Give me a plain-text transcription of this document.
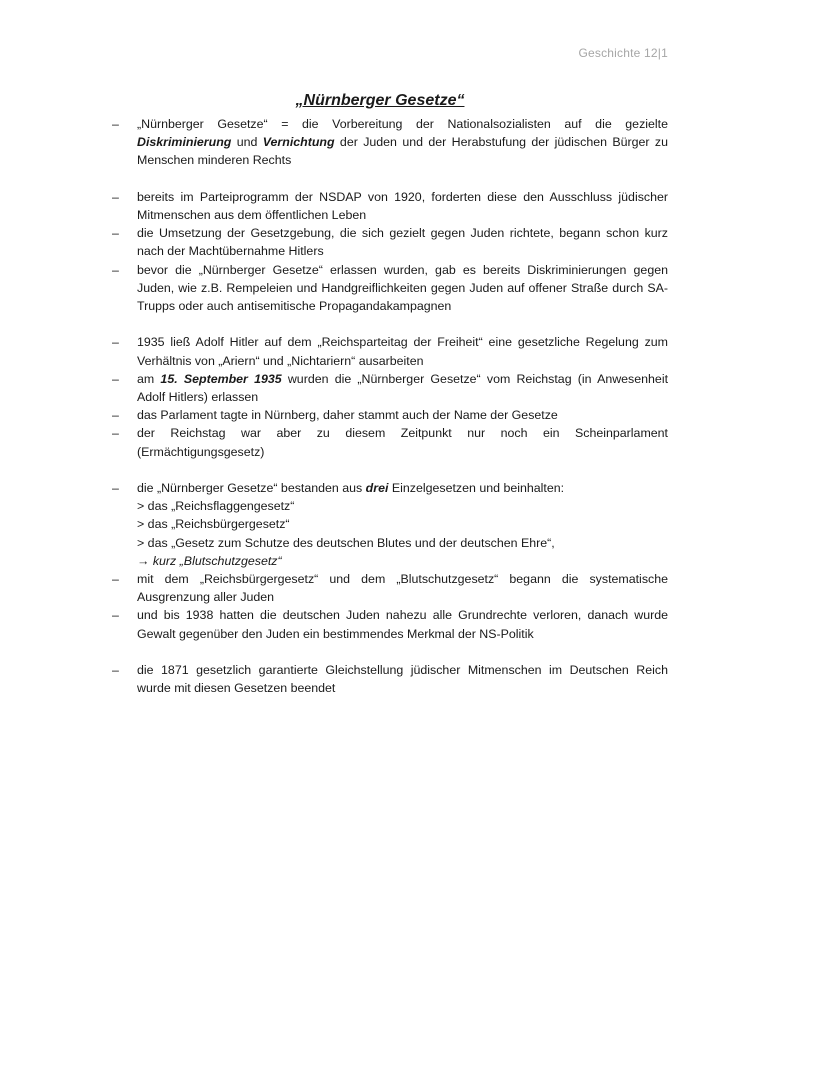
Geschichte 12|1
„Nürnberger Gesetze“

– „Nürnberger Gesetze“ = die Vorbereitung der Nationalsozialisten auf die gezielte Diskriminierung und Vernichtung der Juden und der Herabstufung der jüdischen Bürger zu Menschen minderen Rechts

– bereits im Parteiprogramm der NSDAP von 1920, forderten diese den Ausschluss jüdischer Mitmenschen aus dem öffentlichen Leben

– die Umsetzung der Gesetzgebung, die sich gezielt gegen Juden richtete, begann schon kurz nach der Machtübernahme Hitlers

– bevor die „Nürnberger Gesetze“ erlassen wurden, gab es bereits Diskriminierungen gegen Juden, wie z.B. Rempeleien und Handgreiflichkeiten gegen Juden auf offener Straße durch SA-Trupps oder auch antisemitische Propagandakampagnen

– 1935 ließ Adolf Hitler auf dem „Reichsparteitag der Freiheit“ eine gesetzliche Regelung zum Verhältnis von „Ariern“ und „Nichtariern“ ausarbeiten

– am 15. September 1935 wurden die „Nürnberger Gesetze“ vom Reichstag (in Anwesenheit Adolf Hitlers) erlassen

– das Parlament tagte in Nürnberg, daher stammt auch der Name der Gesetze

– der Reichstag war aber zu diesem Zeitpunkt nur noch ein Scheinparlament (Ermächtigungsgesetz)

– die „Nürnberger Gesetze“ bestanden aus drei Einzelgesetzen und beinhalten:

> das „Reichsflaggengesetz“

> das „Reichsbürgergesetz“

> das „Gesetz zum Schutze des deutschen Blutes und der deutschen Ehre“,

→ kurz „Blutschutzgesetz“

– mit dem „Reichsbürgergesetz“ und dem „Blutschutzgesetz“ begann die systematische Ausgrenzung aller Juden

– und bis 1938 hatten die deutschen Juden nahezu alle Grundrechte verloren, danach wurde Gewalt gegenüber den Juden ein bestimmendes Merkmal der NS-Politik

– die 1871 gesetzlich garantierte Gleichstellung jüdischer Mitmenschen im Deutschen Reich wurde mit diesen Gesetzen beendet
